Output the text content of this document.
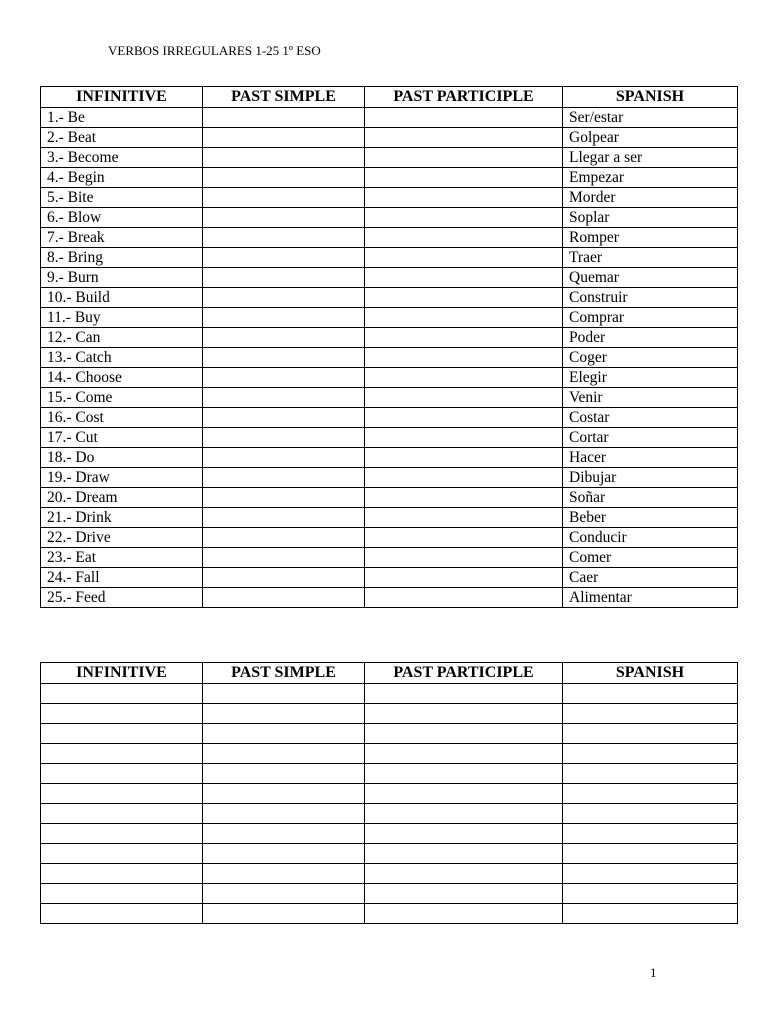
VERBOS IRREGULARES 1-25 1º ESO
INFINITIVE	PAST SIMPLE	PAST PARTICIPLE	SPANISH
1.- Be			Ser/estar
2.- Beat			Golpear
3.- Become			Llegar a ser
4.- Begin			Empezar
5.- Bite			Morder
6.- Blow			Soplar
7.- Break			Romper
8.- Bring			Traer
9.- Burn			Quemar
10.- Build			Construir
11.- Buy			Comprar
12.- Can			Poder
13.- Catch			Coger
14.- Choose			Elegir
15.- Come			Venir
16.- Cost			Costar
17.- Cut			Cortar
18.- Do			Hacer
19.- Draw			Dibujar
20.- Dream			Soñar
21.- Drink			Beber
22.- Drive			Conducir
23.- Eat			Comer
24.- Fall			Caer
25.- Feed			Alimentar
INFINITIVE	PAST SIMPLE	PAST PARTICIPLE	SPANISH

1
